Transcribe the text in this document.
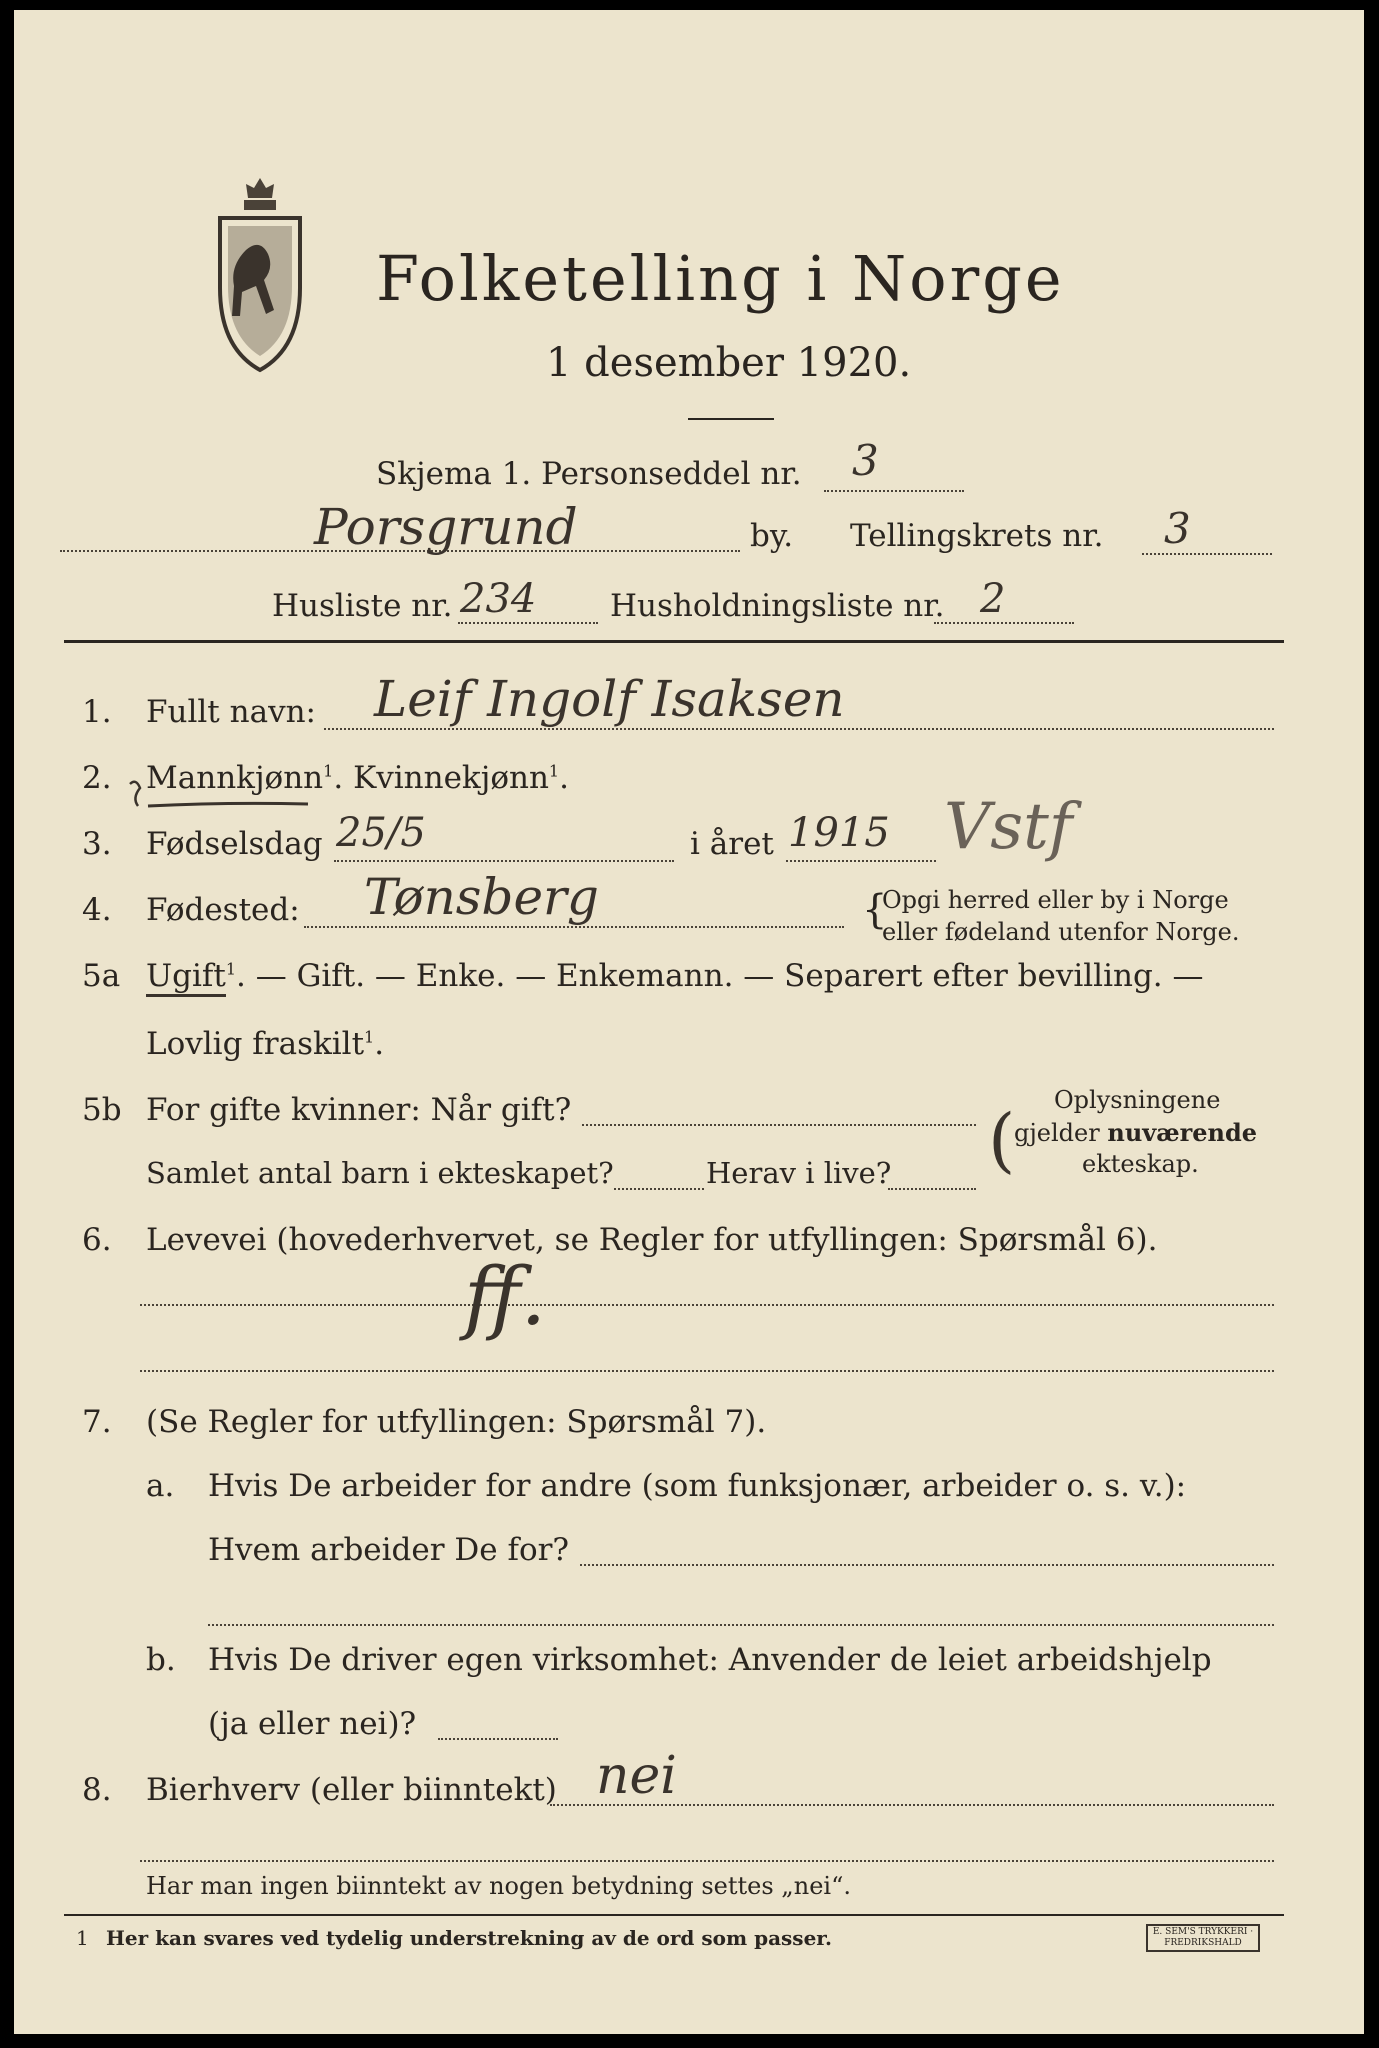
Folketelling i Norge
1 desember 1920.
Skjema 1. Personseddel nr. 3
Porsgrund	by. Tellingskrets nr. 3
Husliste nr. 234 Husholdningsliste nr. 2
1. Fullt navn: Leif Ingolf Isaksen
2. Mannkjønn$^1$. Kvinnekjønn$^1$.
3. Fødselsdag 25/5	i året 1915 Vstf
4. Fødested: Tønsberg	{
Opgi herred eller by i Norge
eller fødeland utenfor Norge.
5a Ugift$^1$. — Gift. — Enke. — Enkemann. — Separert efter bevilling. —
Lovlig fraskilt$^1$.
5b For gifte kvinner: Når gift?
Samlet antal barn i ekteskapet?	Herav i live? ( Oplysningene
gjelder nuværende
ekteskap.
6. Levevei (hovederhvervet, se Regler for utfyllingen: Spørsmål 6).
ff.
7. (Se Regler for utfyllingen: Spørsmål 7).
a. Hvis De arbeider for andre (som funksjonær, arbeider o. s. v.):
Hvem arbeider De for?
b. Hvis De driver egen virksomhet: Anvender de leiet arbeidshjelp
(ja eller nei)?
8. Bierhverv (eller biinntekt) nei
Har man ingen biinntekt av nogen betydning settes „nei“.
1 Her kan svares ved tydelig understrekning av de ord som passer.	E. SEM'S TRYKKERI · FREDRIKSHALD
